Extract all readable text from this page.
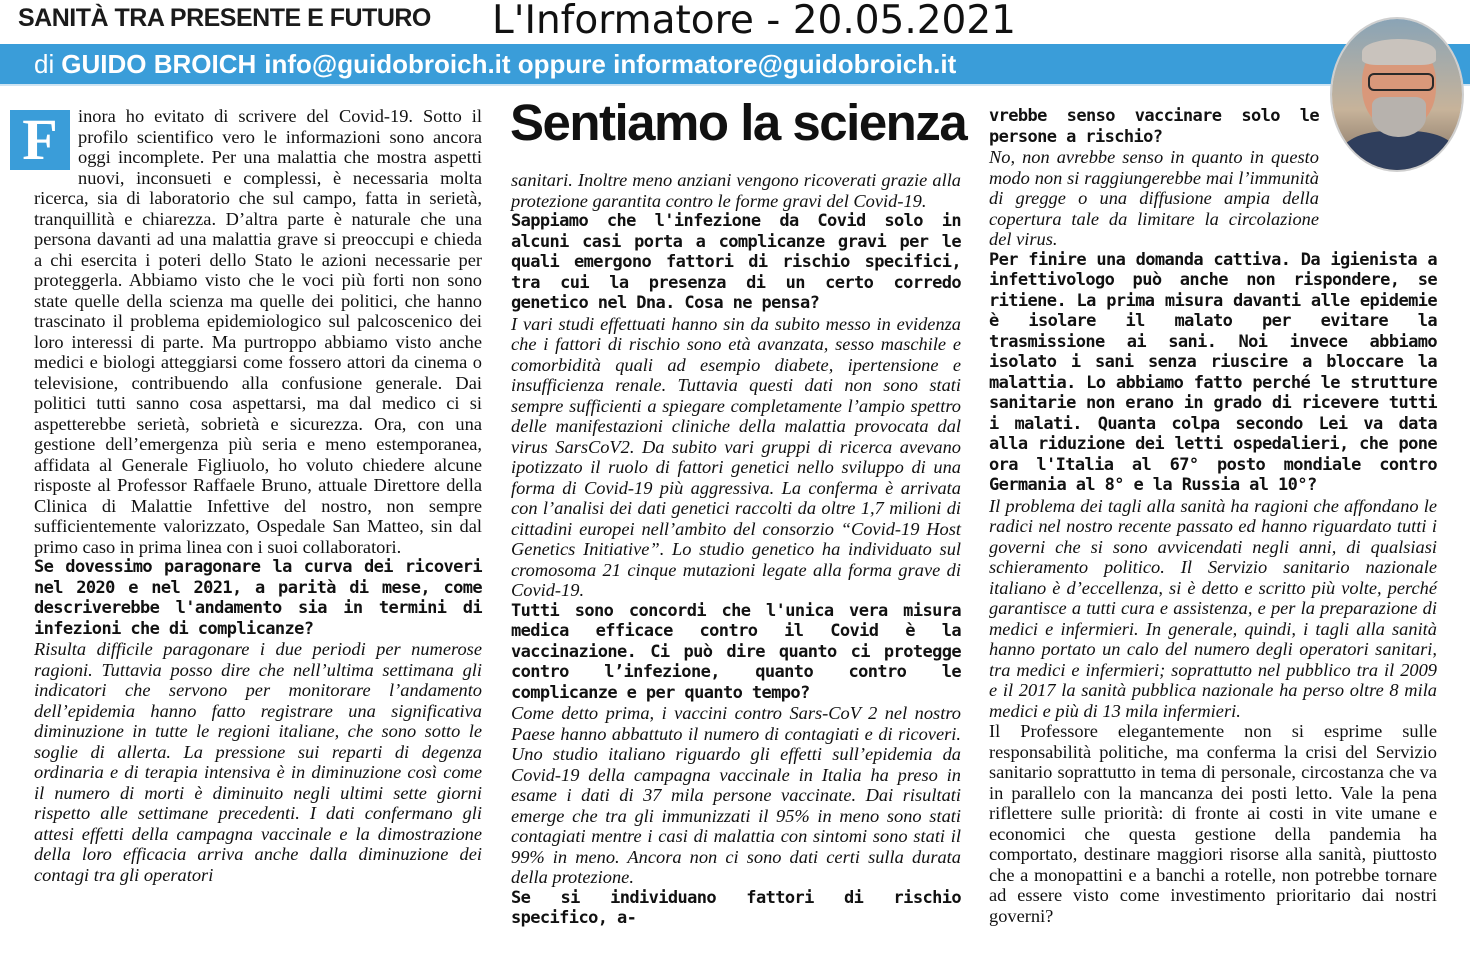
SANITÀ TRA PRESENTE E FUTURO L'Informatore - 20.05.2021
di GUIDO BROICH info@guidobroich.it oppure informatore@guidobroich.it
Sentiamo la scienza

F	inora ho evitato di scrivere del Covid-19. Sotto il profilo scientifico vero le informazioni sono ancora oggi incomplete. Per una malattia che mostra aspetti nuovi, inconsueti e complessi, è necessaria molta ricerca, sia di laboratorio che sul campo, fatta in serietà, tranquillità e chiarezza. D’altra parte è naturale che una persona davanti ad una malattia grave si preoccupi e chieda a chi esercita i poteri dello Stato le azioni necessarie per proteggerla. Abbiamo visto che le voci più forti non sono state quelle della scienza ma quelle dei politici, che hanno trascinato il problema epidemiologico sul palcoscenico dei loro interessi di parte. Ma purtroppo abbiamo visto anche medici e biologi atteggiarsi come fossero attori da cinema o televisione, contribuendo alla confusione generale. Dai politici tutti sanno cosa aspettarsi, ma dal medico ci si aspetterebbe serietà, sobrietà e sicurezza. Ora, con una gestione dell’emergenza più seria e meno estemporanea, affidata al Generale Figliuolo, ho voluto chiedere alcune risposte al Professor Raffaele Bruno, attuale Direttore della Clinica di Malattie Infettive del nostro, non sempre sufficientemente valorizzato, Ospedale San Matteo, sin dal primo caso in prima linea con i suoi collaboratori.

Se dovessimo paragonare la curva dei ricoveri nel 2020 e nel 2021, a parità di mese, come descriverebbe l'andamento sia in termini di infezioni che di complicanze?

Risulta difficile paragonare i due periodi per numerose ragioni. Tuttavia posso dire che nell’ultima settimana gli indicatori che servono per monitorare l’andamento dell’epidemia hanno fatto registrare una significativa diminuzione in tutte le regioni italiane, che sono sotto le soglie di allerta. La pressione sui reparti di degenza ordinaria e di terapia intensiva è in diminuzione così come il numero di morti è diminuito negli ultimi sette giorni rispetto alle settimane precedenti. I dati confermano gli attesi effetti della campagna vaccinale e la dimostrazione della loro efficacia arriva anche dalla diminuzione dei contagi tra gli operatori

sanitari. Inoltre meno anziani vengono ricoverati grazie alla protezione garantita contro le forme gravi del Covid-19.

Sappiamo che l'infezione da Covid solo in alcuni casi porta a complicanze gravi per le quali emergono fattori di rischio specifici, tra cui la presenza di un certo corredo genetico nel Dna. Cosa ne pensa?

I vari studi effettuati hanno sin da subito messo in evidenza che i fattori di rischio sono età avanzata, sesso maschile e comorbidità quali ad esempio diabete, ipertensione e insufficienza renale. Tuttavia questi dati non sono stati sempre sufficienti a spiegare completamente l’ampio spettro delle manifestazioni cliniche della malattia provocata dal virus SarsCoV2. Da subito vari gruppi di ricerca avevano ipotizzato il ruolo di fattori genetici nello sviluppo di una forma di Covid-19 più aggressiva. La conferma è arrivata con l’analisi dei dati genetici raccolti da oltre 1,7 milioni di cittadini europei nell’ambito del consorzio “Covid-19 Host Genetics Initiative”. Lo studio genetico ha individuato sul cromosoma 21 cinque mutazioni legate alla forma grave di Covid-19.

Tutti sono concordi che l'unica vera misura medica efficace contro il Covid è la vaccinazione. Ci può dire quanto ci protegge contro l’infezione, quanto contro le complicanze e per quanto tempo?

Come detto prima, i vaccini contro Sars-CoV 2 nel nostro Paese hanno abbattuto il numero di contagiati e di ricoveri. Uno studio italiano riguardo gli effetti sull’epidemia da Covid-19 della campagna vaccinale in Italia ha preso in esame i dati di 37 mila persone vaccinate. Dai risultati emerge che tra gli immunizzati il 95% in meno sono stati contagiati mentre i casi di malattia con sintomi sono stati il 99% in meno. Ancora non ci sono dati certi sulla durata della protezione.

Se si individuano fattori di rischio specifico, a-

vrebbe senso vaccinare solo le persone a rischio?

No, non avrebbe senso in quanto in questo modo non si raggiungerebbe mai l’immunità di gregge o una diffusione ampia della copertura tale da limitare la circolazione del virus.

Per finire una domanda cattiva. Da igienista a infettivologo può anche non rispondere, se ritiene. La prima misura davanti alle epidemie è isolare il malato per evitare la trasmissione ai sani. Noi invece abbiamo isolato i sani senza riuscire a bloccare la malattia. Lo abbiamo fatto perché le strutture sanitarie non erano in grado di ricevere tutti i malati. Quanta colpa secondo Lei va data alla riduzione dei letti ospedalieri, che pone ora l'Italia al 67° posto mondiale contro Germania al 8° e la Russia al 10°?

Il problema dei tagli alla sanità ha ragioni che affondano le radici nel nostro recente passato ed hanno riguardato tutti i governi che si sono avvicendati negli anni, di qualsiasi schieramento politico. Il Servizio sanitario nazionale italiano è d’eccellenza, si è detto e scritto più volte, perché garantisce a tutti cura e assistenza, e per la preparazione di medici e infermieri. In generale, quindi, i tagli alla sanità hanno portato un calo del numero degli operatori sanitari, tra medici e infermieri; soprattutto nel pubblico tra il 2009 e il 2017 la sanità pubblica nazionale ha perso oltre 8 mila medici e più di 13 mila infermieri.

Il Professore elegantemente non si esprime sulle responsabilità politiche, ma conferma la crisi del Servizio sanitario soprattutto in tema di personale, circostanza che va in parallelo con la mancanza dei posti letto. Vale la pena riflettere sulle priorità: di fronte ai costi in vite umane e economici che questa gestione della pandemia ha comportato, destinare maggiori risorse alla sanità, piuttosto che a monopattini e a banchi a rotelle, non potrebbe tornare ad essere visto come investimento prioritario dai nostri governi?
